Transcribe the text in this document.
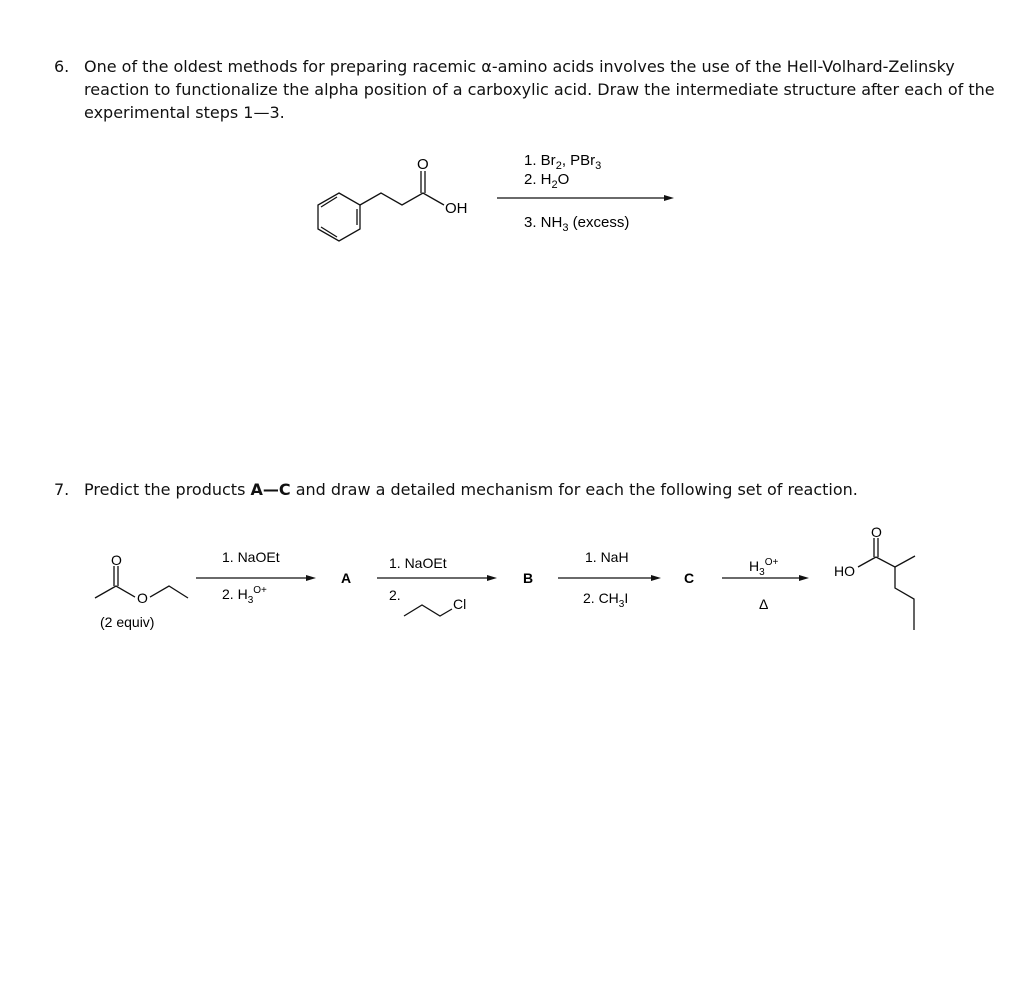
6. One of the oldest methods for preparing racemic α-amino acids involves the use of the Hell-Volhard-Zelinsky reaction to functionalize the alpha position of a carboxylic acid. Draw the intermediate structure after each of the experimental steps 1—3.
O
OH
1. $Br_2$, PBr$_3$
2. $H_2O$
3. $NH_3$ (excess)
7. Predict the products A—C and draw a detailed mechanism for each the following set of reaction.
O
O
(2 equiv)
1. NaOEt
2. $H_3^{O+}$
A
1. NaOEt
2.
Cl
B
1. NaH
2. $CH_3I$
C
$H_3^{O+}$
Δ
HO
O
